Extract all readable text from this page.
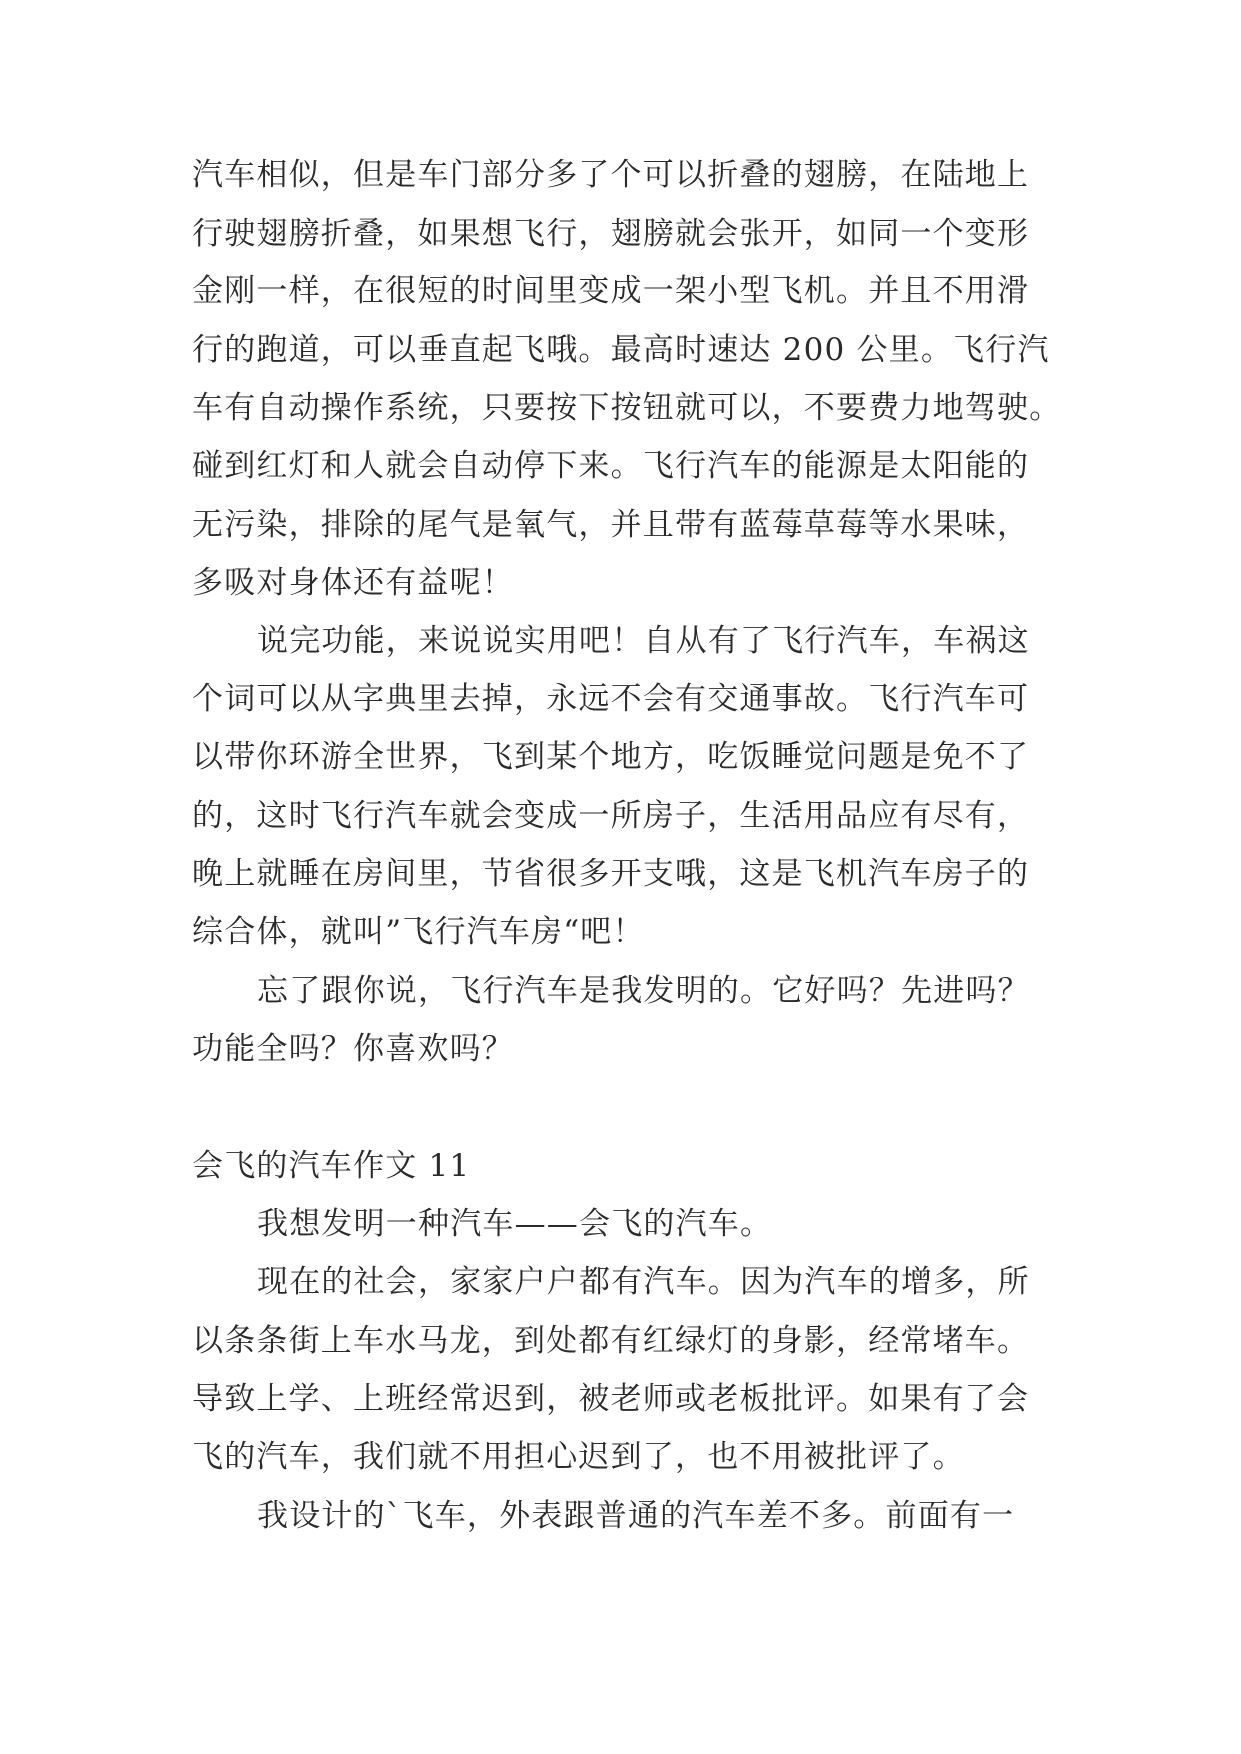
汽车相似，但是车门部分多了个可以折叠的翅膀，在陆地上
行驶翅膀折叠，如果想飞行，翅膀就会张开，如同一个变形
金刚一样，在很短的时间里变成一架小型飞机。并且不用滑
行的跑道，可以垂直起飞哦。最高时速达 200 公里。飞行汽
车有自动操作系统，只要按下按钮就可以，不要费力地驾驶。
碰到红灯和人就会自动停下来。飞行汽车的能源是太阳能的
无污染，排除的尾气是氧气，并且带有蓝莓草莓等水果味，
多吸对身体还有益呢！
说完功能，来说说实用吧！自从有了飞行汽车，车祸这
个词可以从字典里去掉，永远不会有交通事故。飞行汽车可
以带你环游全世界，飞到某个地方，吃饭睡觉问题是免不了
的，这时飞行汽车就会变成一所房子，生活用品应有尽有，
晚上就睡在房间里，节省很多开支哦，这是飞机汽车房子的
综合体，就叫”飞行汽车房“吧！
忘了跟你说，飞行汽车是我发明的。它好吗？先进吗？
功能全吗？你喜欢吗？
会飞的汽车作文 11
我想发明一种汽车——会飞的汽车。
现在的社会，家家户户都有汽车。因为汽车的增多，所
以条条街上车水马龙，到处都有红绿灯的身影，经常堵车。
导致上学、上班经常迟到，被老师或老板批评。如果有了会
飞的汽车，我们就不用担心迟到了，也不用被批评了。
我设计的`飞车，外表跟普通的汽车差不多。前面有一
